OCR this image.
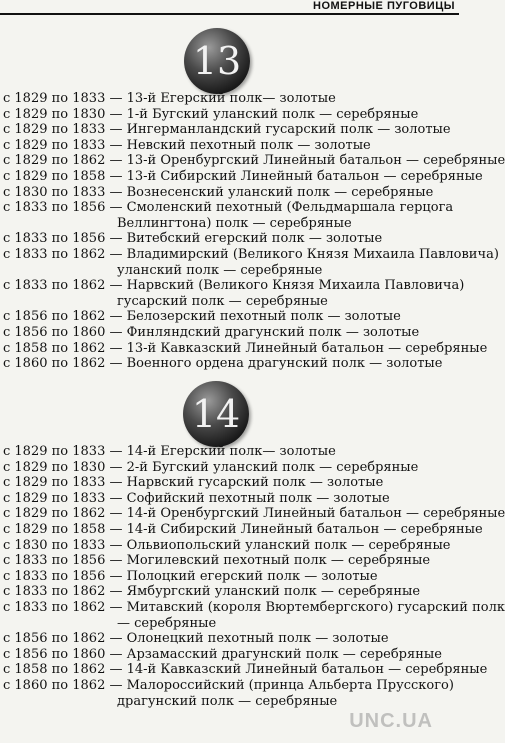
НОМЕРНЫЕ ПУГОВИЦЫ
13
с 1829 по 1833 — 13-й Егерский полк— золотые
с 1829 по 1830 — 1-й Бугский уланский полк — серебряные
с 1829 по 1833 — Ингерманландский гусарский полк — золотые
с 1829 по 1833 — Невский пехотный полк — золотые
с 1829 по 1862 — 13-й Оренбургский Линейный батальон — серебряные
с 1829 по 1858 — 13-й Сибирский Линейный батальон — серебряные
с 1830 по 1833 — Вознесенский уланский полк — серебряные
с 1833 по 1856 — Смоленский пехотный (Фельдмаршала герцога
Веллингтона) полк — серебряные
с 1833 по 1856 — Витебский егерский полк — золотые
с 1833 по 1862 — Владимирский (Великого Князя Михаила Павловича)
уланский полк — серебряные
с 1833 по 1862 — Нарвский (Великого Князя Михаила Павловича)
гусарский полк — серебряные
с 1856 по 1862 — Белозерский пехотный полк — золотые
с 1856 по 1860 — Финляндский драгунский полк — золотые
с 1858 по 1862 — 13-й Кавказский Линейный батальон — серебряные
с 1860 по 1862 — Военного ордена драгунский полк — золотые
14
с 1829 по 1833 — 14-й Егерский полк— золотые
с 1829 по 1830 — 2-й Бугский уланский полк — серебряные
с 1829 по 1833 — Нарвский гусарский полк — золотые
с 1829 по 1833 — Софийский пехотный полк — золотые
с 1829 по 1862 — 14-й Оренбургский Линейный батальон — серебряные
с 1829 по 1858 — 14-й Сибирский Линейный батальон — серебряные
с 1830 по 1833 — Ольвиопольский уланский полк — серебряные
с 1833 по 1856 — Могилевский пехотный полк — серебряные
с 1833 по 1856 — Полоцкий егерский полк — золотые
с 1833 по 1862 — Ямбургский уланский полк — серебряные
с 1833 по 1862 — Митавский (короля Вюртембергского) гусарский полк
— серебряные
с 1856 по 1862 — Олонецкий пехотный полк — золотые
с 1856 по 1860 — Арзамасский драгунский полк — серебряные
с 1858 по 1862 — 14-й Кавказский Линейный батальон — серебряные
с 1860 по 1862 — Малороссийский (принца Альберта Прусского)
драгунский полк — серебряные
UNC.UA
